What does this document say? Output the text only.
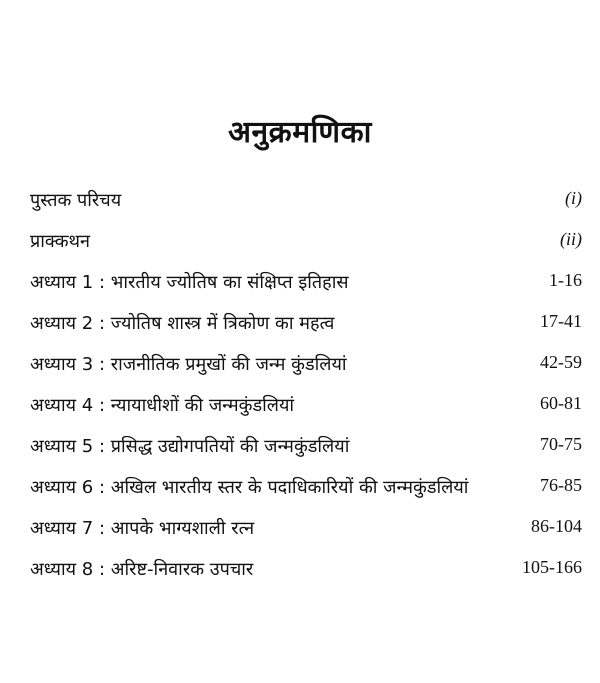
अनुक्रमणिका
पुस्तक परिचय	(i)
प्राक्कथन	(ii)
अध्याय 1 : भारतीय ज्योतिष का संक्षिप्त इतिहास	1-16
अध्याय 2 : ज्योतिष शास्त्र में त्रिकोण का महत्व	17-41
अध्याय 3 : राजनीतिक प्रमुखों की जन्म कुंडलियां	42-59
अध्याय 4 : न्यायाधीशों की जन्मकुंडलियां	60-81
अध्याय 5 : प्रसिद्ध उद्योगपतियों की जन्मकुंडलियां	70-75
अध्याय 6 : अखिल भारतीय स्तर के पदाधिकारियों की जन्मकुंडलियां	76-85
अध्याय 7 : आपके भाग्यशाली रत्न	86-104
अध्याय 8 : अरिष्ट-निवारक उपचार	105-166
